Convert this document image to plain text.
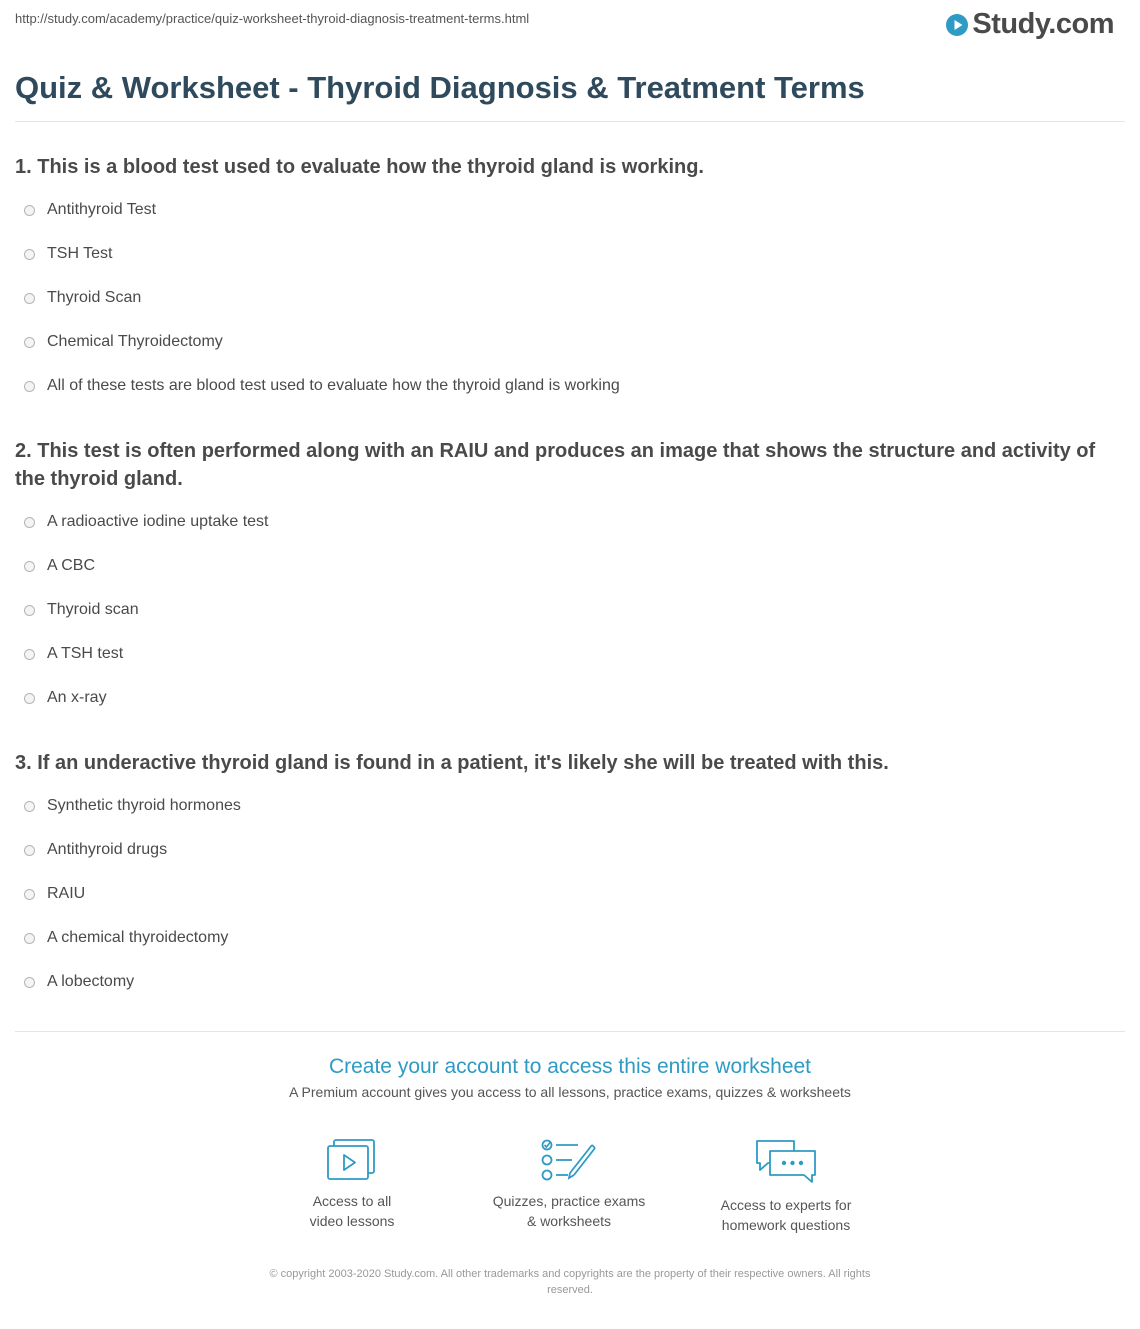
http://study.com/academy/practice/quiz-worksheet-thyroid-diagnosis-treatment-terms.html	Study.com
Quiz & Worksheet - Thyroid Diagnosis & Treatment Terms

1. This is a blood test used to evaluate how the thyroid gland is working.

Antithyroid Test
TSH Test
Thyroid Scan
Chemical Thyroidectomy
All of these tests are blood test used to evaluate how the thyroid gland is working

2. This test is often performed along with an RAIU and produces an image that shows the structure and activity of the thyroid gland.

A radioactive iodine uptake test
A CBC
Thyroid scan
A TSH test
An x-ray

3. If an underactive thyroid gland is found in a patient, it's likely she will be treated with this.

Synthetic thyroid hormones
Antithyroid drugs
RAIU
A chemical thyroidectomy
A lobectomy

Create your account to access this entire worksheet

A Premium account gives you access to all lessons, practice exams, quizzes & worksheets
Access to all
video lessons
Quizzes, practice exams
& worksheets
Access to experts for
homework questions
© copyright 2003-2020 Study.com. All other trademarks and copyrights are the property of their respective owners. All rights
reserved.
